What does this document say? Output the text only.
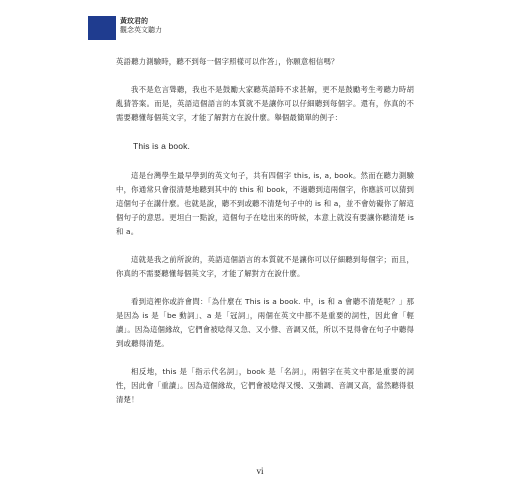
黃玟君的
觀念英文聽力

英語聽力測驗時，聽不到每一個字照樣可以作答」，你願意相信嗎？

我不是危言聳聽，我也不是鼓勵大家聽英語時不求甚解，更不是鼓勵考生考聽力時胡亂猜答案。而是，英語這個語言的本質就不是讓你可以仔細聽到每個字。還有，你真的不需要聽懂每個英文字，才能了解對方在說什麼。舉個最簡單的例子：

This is a book.

這是台灣學生最早學到的英文句子，共有四個字 this, is, a, book。然而在聽力測驗中，你通常只會很清楚地聽到其中的 this 和 book，不過聽到這兩個字，你應該可以猜到這個句子在講什麼。也就是說，聽不到或聽不清楚句子中的 is 和 a，並不會妨礙你了解這個句子的意思。更坦白一點說，這個句子在唸出來的時候，本意上就沒有要讓你聽清楚 is 和 a。

這就是我之前所說的，英語這個語言的本質就不是讓你可以仔細聽到每個字；而且，你真的不需要聽懂每個英文字，才能了解對方在說什麼。

看到這裡你或許會問：「為什麼在 This is a book. 中，is 和 a 會聽不清楚呢？」那是因為 is 是「be 動詞」、a 是「冠詞」，兩個在英文中都不是重要的詞性，因此會「輕讀」。因為這個緣故，它們會被唸得又急、又小聲、音調又低，所以不見得會在句子中聽得到或聽得清楚。

相反地，this 是「指示代名詞」，book 是「名詞」，兩個字在英文中都是重要的詞性，因此會「重讀」。因為這個緣故，它們會被唸得又慢、又強調、音調又高，當然聽得很清楚！

vi
